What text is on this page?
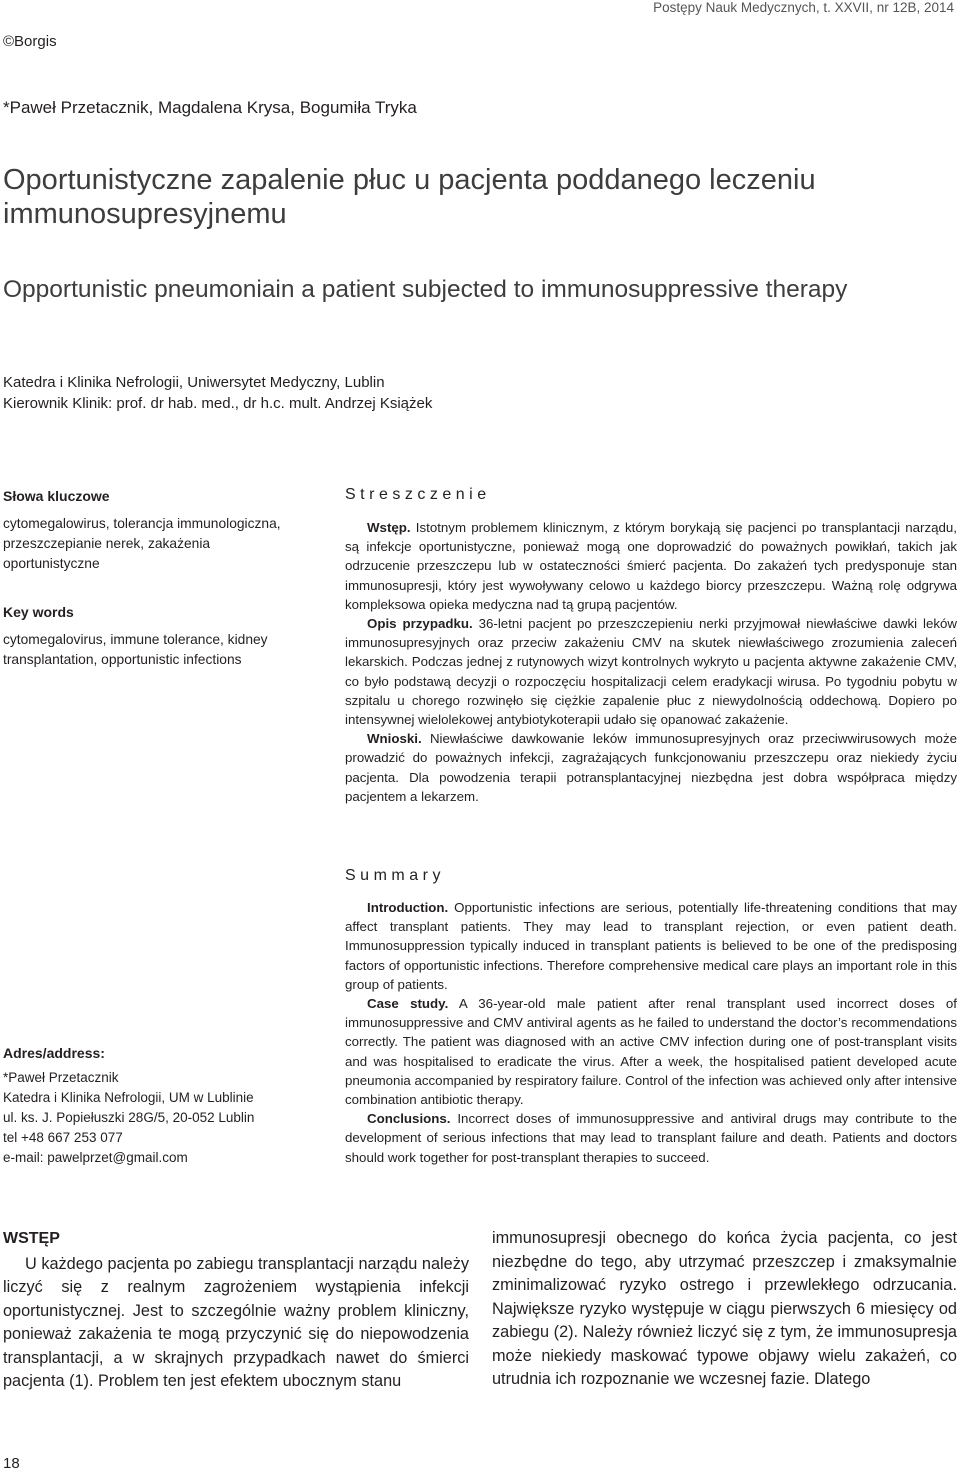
Postępy Nauk Medycznych, t. XXVII, nr 12B, 2014
©Borgis
*Paweł Przetacznik, Magdalena Krysa, Bogumiła Tryka
Oportunistyczne zapalenie płuc u pacjenta poddanego leczeniu immunosupresyjnemu
Opportunistic pneumoniain a patient subjected to immunosuppressive therapy
Katedra i Klinika Nefrologii, Uniwersytet Medyczny, Lublin
Kierownik Klinik: prof. dr hab. med., dr h.c. mult. Andrzej Książek
Słowa kluczowe
cytomegalowirus, tolerancja immunologiczna, przeszczepianie nerek, zakażenia oportunistyczne
Key words
cytomegalovirus, immune tolerance, kidney transplantation, opportunistic infections
Streszczenie

Wstęp. Istotnym problemem klinicznym, z którym borykają się pacjenci po transplantacji narządu, są infekcje oportunistyczne, ponieważ mogą one doprowadzić do poważnych powikłań, takich jak odrzucenie przeszczepu lub w ostateczności śmierć pacjenta. Do zakażeń tych predysponuje stan immunosupresji, który jest wywoływany celowo u każdego biorcy przeszczepu. Ważną rolę odgrywa kompleksowa opieka medyczna nad tą grupą pacjentów.

Opis przypadku. 36-letni pacjent po przeszczepieniu nerki przyjmował niewłaściwe dawki leków immunosupresyjnych oraz przeciw zakażeniu CMV na skutek niewłaściwego zrozumienia zaleceń lekarskich. Podczas jednej z rutynowych wizyt kontrolnych wykryto u pacjenta aktywne zakażenie CMV, co było podstawą decyzji o rozpoczęciu hospitalizacji celem eradykacji wirusa. Po tygodniu pobytu w szpitalu u chorego rozwinęło się ciężkie zapalenie płuc z niewydolnością oddechową. Dopiero po intensywnej wielolekowej antybiotykoterapii udało się opanować zakażenie.

Wnioski. Niewłaściwe dawkowanie leków immunosupresyjnych oraz przeciwwirusowych może prowadzić do poważnych infekcji, zagrażających funkcjonowaniu przeszczepu oraz niekiedy życiu pacjenta. Dla powodzenia terapii potransplantacyjnej niezbędna jest dobra współpraca między pacjentem a lekarzem.

Summary

Introduction. Opportunistic infections are serious, potentially life-threatening conditions that may affect transplant patients. They may lead to transplant rejection, or even patient death. Immunosuppression typically induced in transplant patients is believed to be one of the predisposing factors of opportunistic infections. Therefore comprehensive medical care plays an important role in this group of patients.

Case study. A 36-year-old male patient after renal transplant used incorrect doses of immunosuppressive and CMV antiviral agents as he failed to understand the doctor’s recommendations correctly. The patient was diagnosed with an active CMV infection during one of post-transplant visits and was hospitalised to eradicate the virus. After a week, the hospitalised patient developed acute pneumonia accompanied by respiratory failure. Control of the infection was achieved only after intensive combination antibiotic therapy.

Conclusions. Incorrect doses of immunosuppressive and antiviral drugs may contribute to the development of serious infections that may lead to transplant failure and death. Patients and doctors should work together for post-transplant therapies to succeed.

Adres/address:
*Paweł Przetacznik
Katedra i Klinika Nefrologii, UM w Lublinie
ul. ks. J. Popiełuszki 28G/5, 20-052 Lublin
tel +48 667 253 077
e-mail: pawelprzet@gmail.com
WSTĘP

U każdego pacjenta po zabiegu transplantacji narządu należy liczyć się z realnym zagrożeniem wystąpienia infekcji oportunistycznej. Jest to szczególnie ważny problem kliniczny, ponieważ zakażenia te mogą przyczynić się do niepowodzenia transplantacji, a w skrajnych przypadkach nawet do śmierci pacjenta (1). Problem ten jest efektem ubocznym stanu

immunosupresji obecnego do końca życia pacjenta, co jest niezbędne do tego, aby utrzymać przeszczep i zmaksymalnie zminimalizować ryzyko ostrego i przewlekłego odrzucania. Największe ryzyko występuje w ciągu pierwszych 6 miesięcy od zabiegu (2). Należy również liczyć się z tym, że immunosupresja może niekiedy maskować typowe objawy wielu zakażeń, co utrudnia ich rozpoznanie we wczesnej fazie. Dlatego

18
